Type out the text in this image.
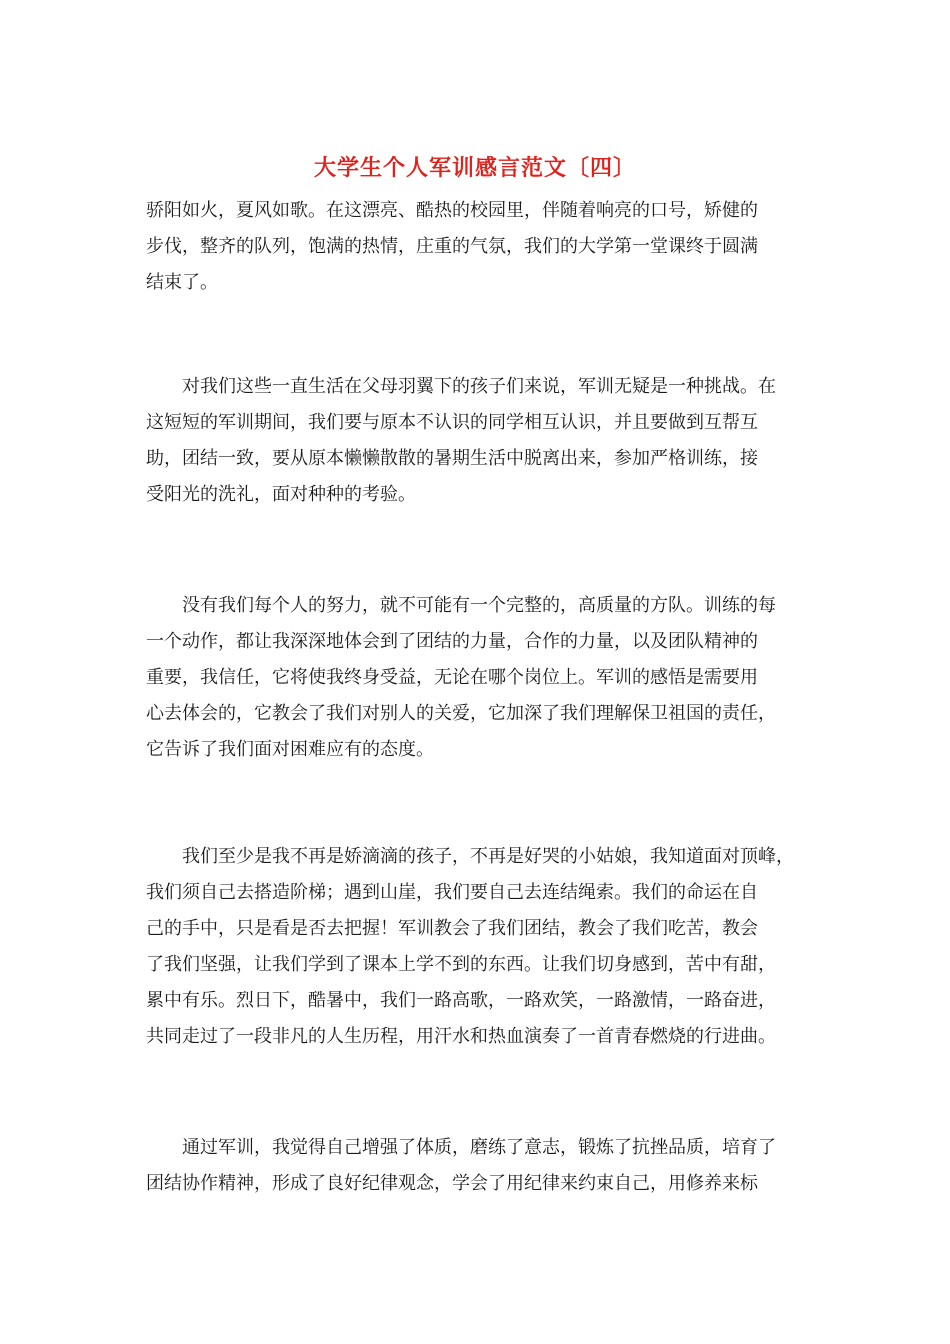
大学生个人军训感言范文〔四〕

骄阳如火，夏风如歌。在这漂亮、酷热的校园里，伴随着响亮的口号，矫健的
步伐，整齐的队列，饱满的热情，庄重的气氛，我们的大学第一堂课终于圆满
结束了。

　　对我们这些一直生活在父母羽翼下的孩子们来说，军训无疑是一种挑战。在
这短短的军训期间，我们要与原本不认识的同学相互认识，并且要做到互帮互
助，团结一致，要从原本懒懒散散的暑期生活中脱离出来，参加严格训练，接
受阳光的洗礼，面对种种的考验。

　　没有我们每个人的努力，就不可能有一个完整的，高质量的方队。训练的每
一个动作，都让我深深地体会到了团结的力量，合作的力量，以及团队精神的
重要，我信任，它将使我终身受益，无论在哪个岗位上。军训的感悟是需要用
心去体会的，它教会了我们对别人的关爱，它加深了我们理解保卫祖国的责任，
它告诉了我们面对困难应有的态度。

　　我们至少是我不再是娇滴滴的孩子，不再是好哭的小姑娘，我知道面对顶峰，
我们须自己去搭造阶梯；遇到山崖，我们要自己去连结绳索。我们的命运在自
己的手中，只是看是否去把握！军训教会了我们团结，教会了我们吃苦，教会
了我们坚强，让我们学到了课本上学不到的东西。让我们切身感到，苦中有甜，
累中有乐。烈日下，酷暑中，我们一路高歌，一路欢笑，一路激情，一路奋进，
共同走过了一段非凡的人生历程，用汗水和热血演奏了一首青春燃烧的行进曲。

　　通过军训，我觉得自己增强了体质，磨练了意志，锻炼了抗挫品质，培育了
团结协作精神，形成了良好纪律观念，学会了用纪律来约束自己，用修养来标
